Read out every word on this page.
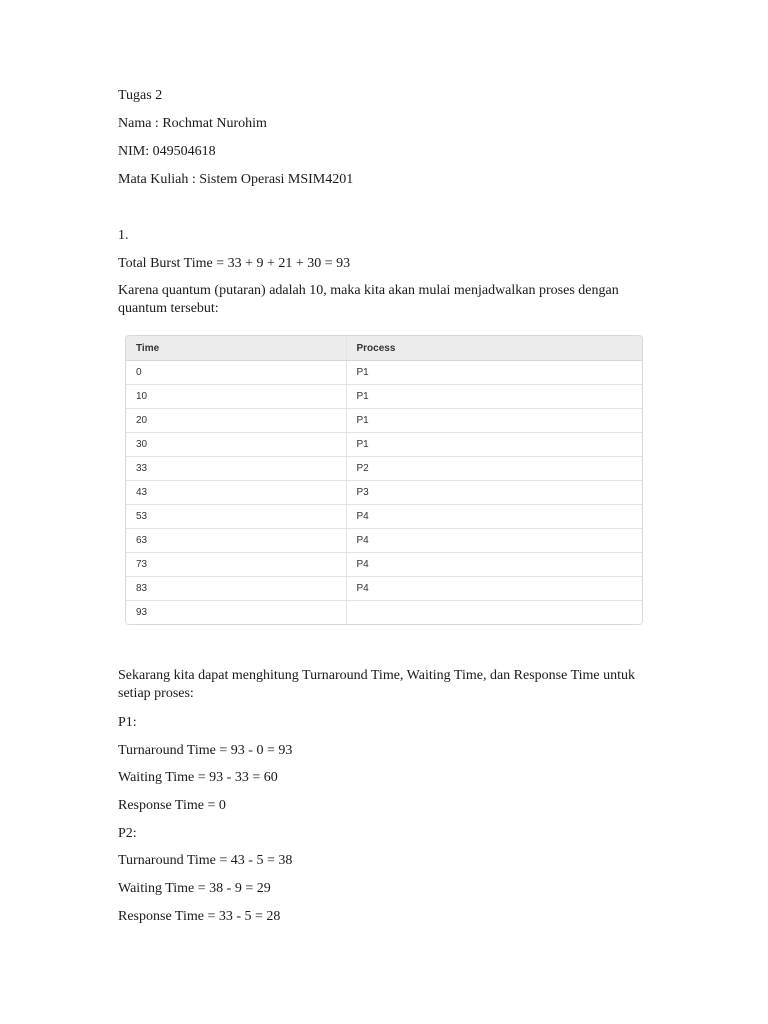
Tugas 2
Nama : Rochmat Nurohim
NIM: 049504618
Mata Kuliah : Sistem Operasi MSIM4201
1.
Total Burst Time = 33 + 9 + 21 + 30 = 93
Karena quantum (putaran) adalah 10, maka kita akan mulai menjadwalkan proses dengan quantum tersebut:
Time	Process
0	P1
10	P1
20	P1
30	P1
33	P2
43	P3
53	P4
63	P4
73	P4
83	P4
93	
Sekarang kita dapat menghitung Turnaround Time, Waiting Time, dan Response Time untuk setiap proses:
P1:
Turnaround Time = 93 - 0 = 93
Waiting Time = 93 - 33 = 60
Response Time = 0
P2:
Turnaround Time = 43 - 5 = 38
Waiting Time = 38 - 9 = 29
Response Time = 33 - 5 = 28
